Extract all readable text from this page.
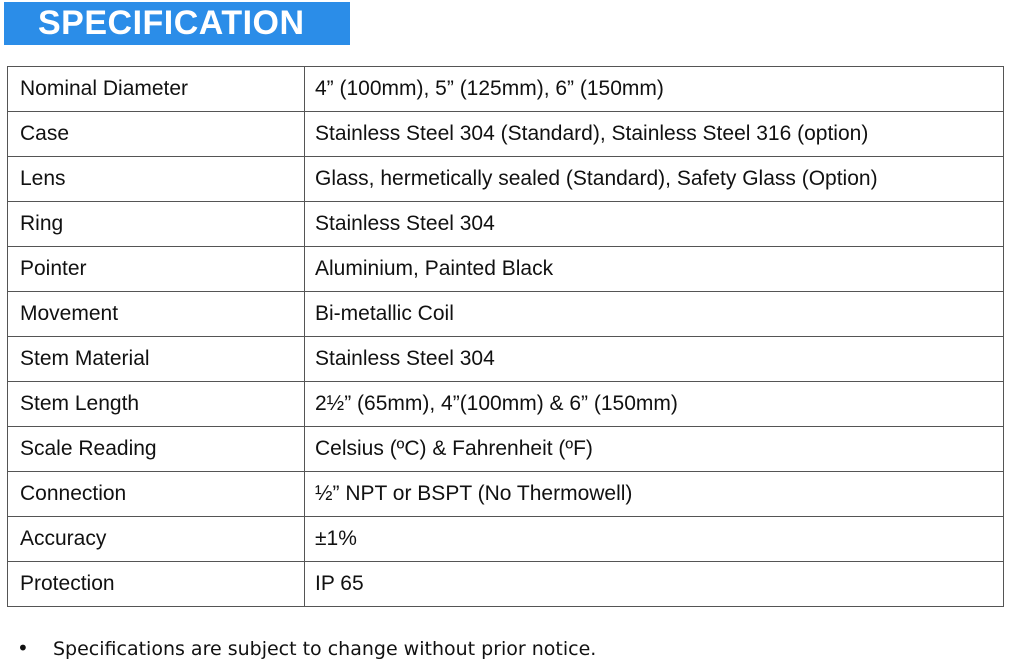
SPECIFICATION
Nominal Diameter	4” (100mm), 5” (125mm), 6” (150mm)
Case	Stainless Steel 304 (Standard), Stainless Steel 316 (option)
Lens	Glass, hermetically sealed (Standard), Safety Glass (Option)
Ring	Stainless Steel 304
Pointer	Aluminium, Painted Black
Movement	Bi-metallic Coil
Stem Material	Stainless Steel 304
Stem Length	2½” (65mm), 4”(100mm) & 6” (150mm)
Scale Reading	Celsius (ºC) & Fahrenheit (ºF)
Connection	½” NPT or BSPT (No Thermowell)
Accuracy	±1%
Protection	IP 65
• Specifications are subject to change without prior notice.
